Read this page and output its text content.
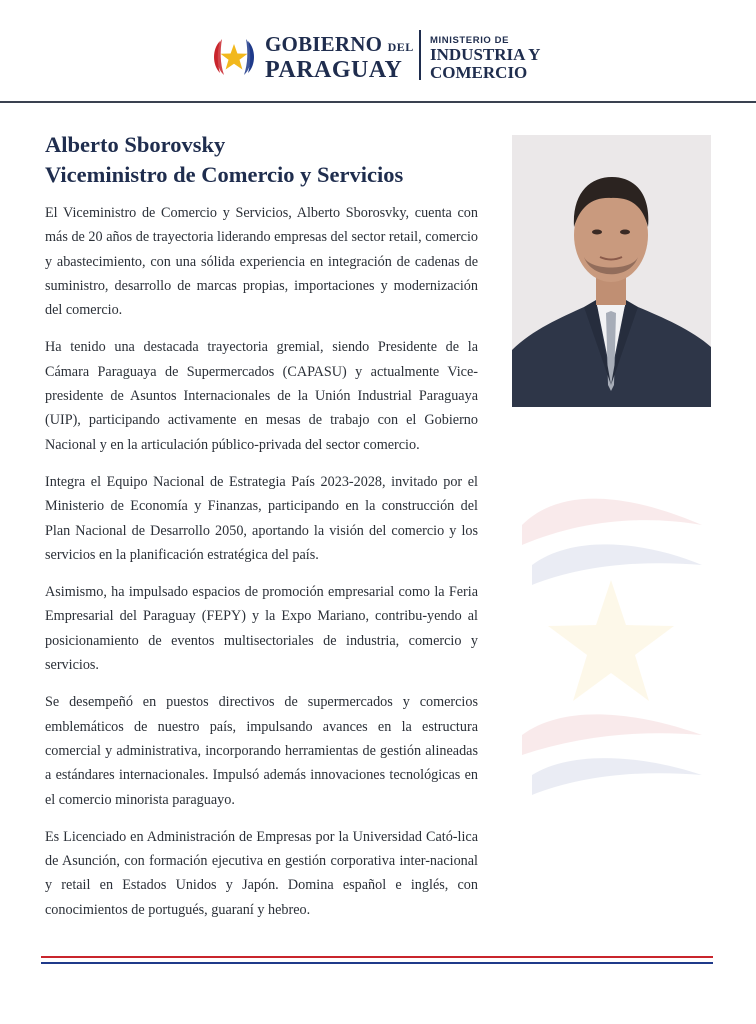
GOBIERNO DEL
PARAGUAY
MINISTERIO DE
INDUSTRIA Y
COMERCIO
Alberto Sborovsky
Viceministro de Comercio y Servicios

El Viceministro de Comercio y Servicios, Alberto Sborosvky, cuenta con más de 20 años de trayectoria liderando empresas del sector retail, comercio y abastecimiento, con una sólida experiencia en integración de cadenas de suministro, desarrollo de marcas propias, importaciones y modernización del comercio.

Ha tenido una destacada trayectoria gremial, siendo Presidente de la Cámara Paraguaya de Supermercados (CAPASU) y actualmente Vice-presidente de Asuntos Internacionales de la Unión Industrial Paraguaya (UIP), participando activamente en mesas de trabajo con el Gobierno Nacional y en la articulación público-privada del sector comercio.

Integra el Equipo Nacional de Estrategia País 2023-2028, invitado por el Ministerio de Economía y Finanzas, participando en la construcción del Plan Nacional de Desarrollo 2050, aportando la visión del comercio y los servicios en la planificación estratégica del país.

Asimismo, ha impulsado espacios de promoción empresarial como la Feria Empresarial del Paraguay (FEPY) y la Expo Mariano, contribu-yendo al posicionamiento de eventos multisectoriales de industria, comercio y servicios.

Se desempeñó en puestos directivos de supermercados y comercios emblemáticos de nuestro país, impulsando avances en la estructura comercial y administrativa, incorporando herramientas de gestión alineadas a estándares internacionales. Impulsó además innovaciones tecnológicas en el comercio minorista paraguayo.

Es Licenciado en Administración de Empresas por la Universidad Cató-lica de Asunción, con formación ejecutiva en gestión corporativa inter-nacional y retail en Estados Unidos y Japón. Domina español e inglés, con conocimientos de portugués, guaraní y hebreo.
